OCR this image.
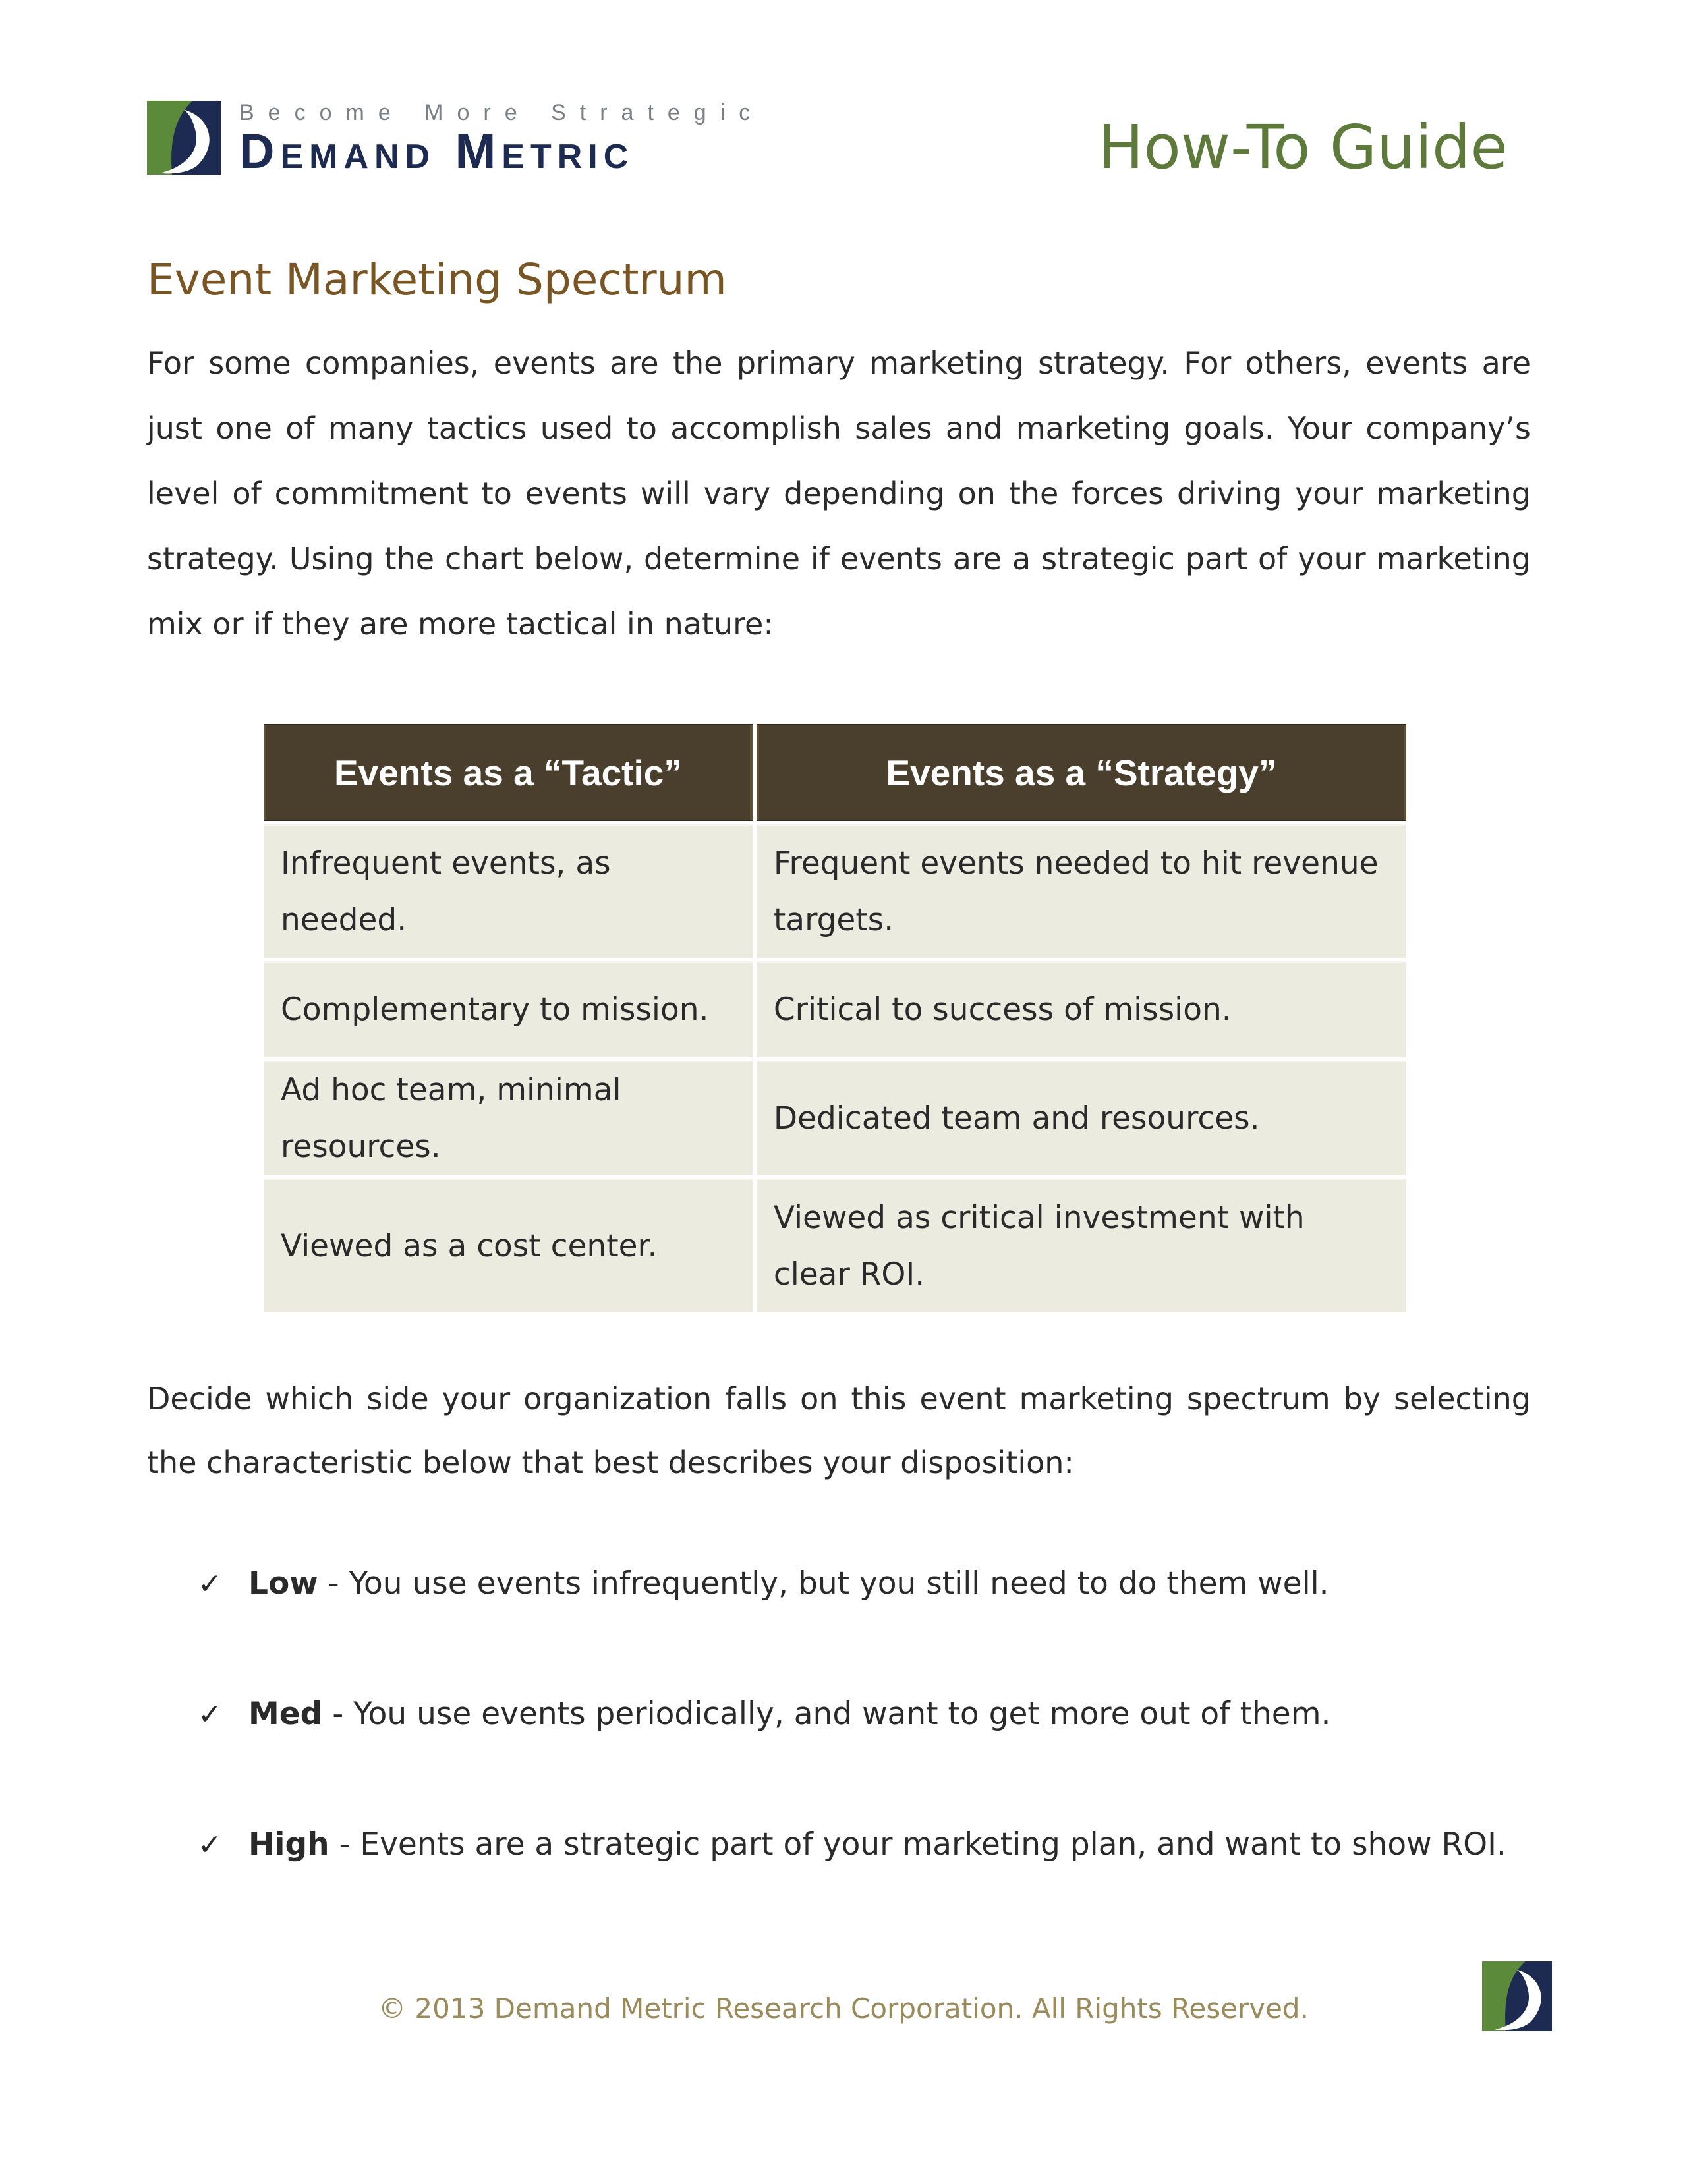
Become More Strategic
Demand Metric	How-To Guide
Event Marketing Spectrum

For some companies, events are the primary marketing strategy. For others, events are just one of many tactics used to accomplish sales and marketing goals. Your company’s level of commitment to events will vary depending on the forces driving your marketing strategy. Using the chart below, determine if events are a strategic part of your marketing mix or if they are more tactical in nature:

Events as a “Tactic”	Events as a “Strategy”
Infrequent events, as needed.	Frequent events needed to hit revenue targets.
Complementary to mission.	Critical to success of mission.
Ad hoc team, minimal resources.	Dedicated team and resources.
Viewed as a cost center.	Viewed as critical investment with clear ROI.

Decide which side your organization falls on this event marketing spectrum by selecting the characteristic below that best describes your disposition:

✓ Low - You use events infrequently, but you still need to do them well.
✓ Med - You use events periodically, and want to get more out of them.
✓ High - Events are a strategic part of your marketing plan, and want to show ROI.
© 2013 Demand Metric Research Corporation. All Rights Reserved.
